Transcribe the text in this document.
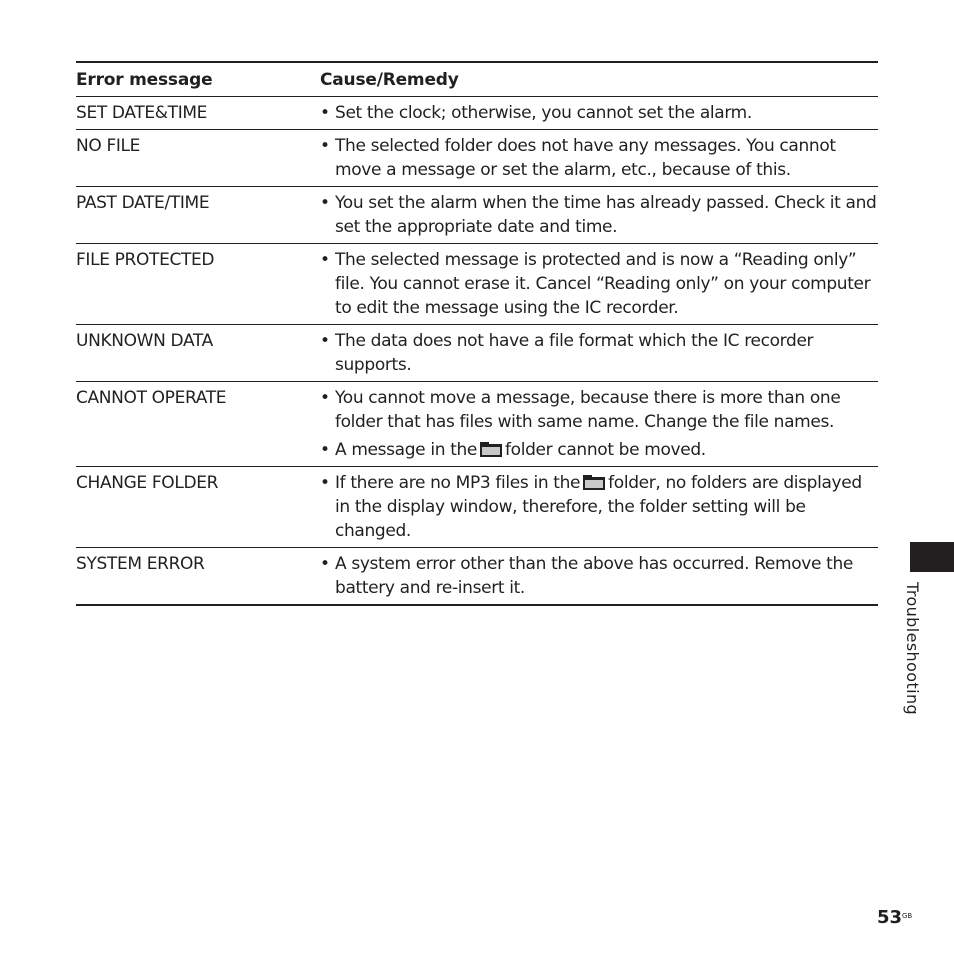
Error message	Cause/Remedy
SET DATE&TIME	• Set the clock; otherwise, you cannot set the alarm.
NO FILE	• The selected folder does not have any messages. You cannot move a message or set the alarm, etc., because of this.
PAST DATE/TIME	• You set the alarm when the time has already passed. Check it and set the appropriate date and time.
FILE PROTECTED	• The selected message is protected and is now a “Reading only” file. You cannot erase it. Cancel “Reading only” on your computer to edit the message using the IC recorder.
UNKNOWN DATA	• The data does not have a file format which the IC recorder supports.
CANNOT OPERATE	• You cannot move a message, because there is more than one folder that has files with same name. Change the file names.
• A message in the folder cannot be moved.
CHANGE FOLDER	• If there are no MP3 files in the folder, no folders are displayed in the display window, therefore, the folder setting will be changed.
SYSTEM ERROR	• A system error other than the above has occurred. Remove the battery and re-insert it.	Troubleshooting
53 GB
